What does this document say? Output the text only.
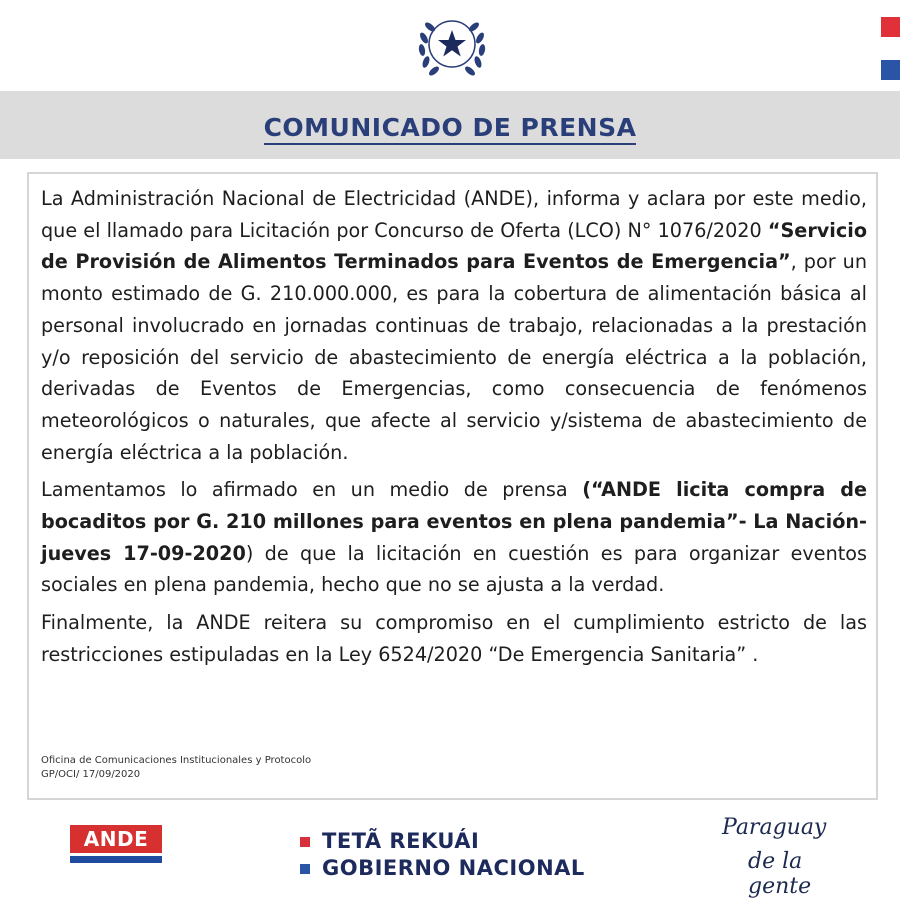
COMUNICADO DE PRENSA

La Administración Nacional de Electricidad (ANDE), informa y aclara por este medio, que el llamado para Licitación por Concurso de Oferta (LCO) N° 1076/2020 “Servicio de Provisión de Alimentos Terminados para Eventos de Emergencia”, por un monto estimado de G. 210.000.000, es para la cobertura de alimentación básica al personal involucrado en jornadas continuas de trabajo, relacionadas a la prestación y/o reposición del servicio de abastecimiento de energía eléctrica a la población, derivadas de Eventos de Emergencias, como consecuencia de fenómenos meteorológicos o naturales, que afecte al servicio y/sistema de abastecimiento de energía eléctrica a la población.

Lamentamos lo afirmado en un medio de prensa (“ANDE licita compra de bocaditos por G. 210 millones para eventos en plena pandemia”- La Nación- jueves 17-09-2020) de que la licitación en cuestión es para organizar eventos sociales en plena pandemia, hecho que no se ajusta a la verdad.

Finalmente, la ANDE reitera su compromiso en el cumplimiento estricto de las restricciones estipuladas en la Ley 6524/2020 “De Emergencia Sanitaria” .

Oficina de Comunicaciones Institucionales y Protocolo
GP/OCI/ 17/09/2020
ANDE	TETÃ REKUÁI
GOBIERNO NACIONAL
Paraguay
de la gente
